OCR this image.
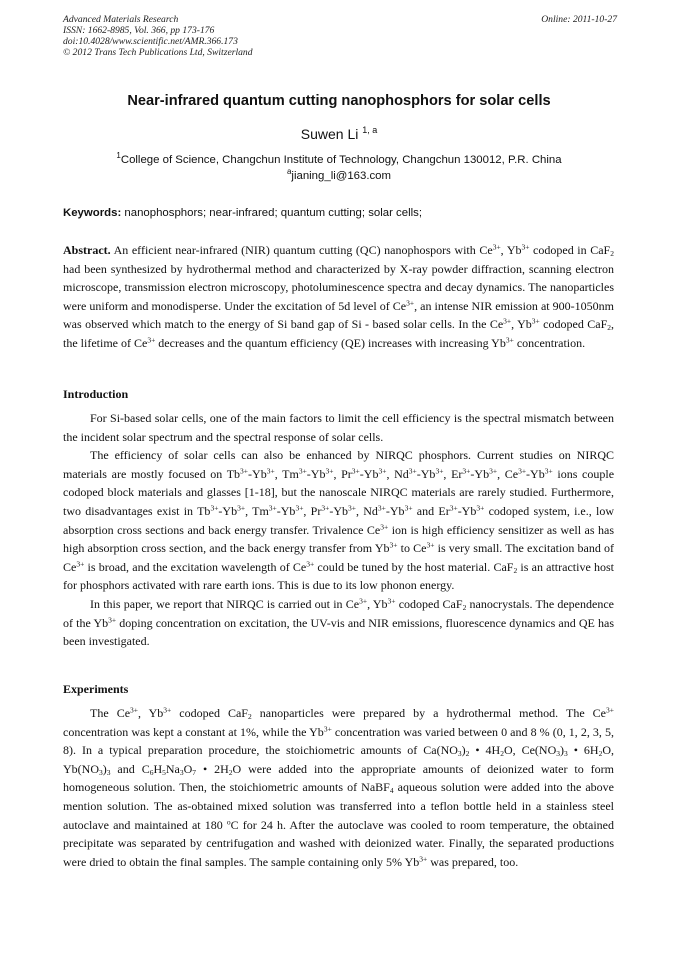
Advanced Materials Research
ISSN: 1662-8985, Vol. 366, pp 173-176
doi:10.4028/www.scientific.net/AMR.366.173
© 2012 Trans Tech Publications Ltd, Switzerland
Online: 2011-10-27
Near-infrared quantum cutting nanophosphors for solar cells
Suwen Li $^{1, a}$
$^1$College of Science, Changchun Institute of Technology, Changchun 130012, P.R. China
$^a$jianing_li@163.com
Keywords: nanophosphors; near-infrared; quantum cutting; solar cells;

Abstract. An efficient near-infrared (NIR) quantum cutting (QC) nanophospors with $Ce^{3+}$, $Yb^{3+}$ codoped in CaF$_2$ had been synthesized by hydrothermal method and characterized by X-ray powder diffraction, scanning electron microscope, transmission electron microscopy, photoluminescence spectra and decay dynamics. The nanoparticles were uniform and monodisperse. Under the excitation of 5d level of $Ce^{3+}$, an intense NIR emission at 900-1050nm was observed which match to the energy of Si band gap of Si - based solar cells. In the $Ce^{3+}$, $Yb^{3+}$ codoped CaF$_2$, the lifetime of $Ce^{3+}$ decreases and the quantum efficiency (QE) increases with increasing $Yb^{3+}$ concentration.

Introduction

For Si-based solar cells, one of the main factors to limit the cell efficiency is the spectral mismatch between the incident solar spectrum and the spectral response of solar cells.

The efficiency of solar cells can also be enhanced by NIRQC phosphors. Current studies on NIRQC materials are mostly focused on $Tb^{3+}-Yb^{3+}$, $Tm^{3+}-Yb^{3+}$, $Pr^{3+}-Yb^{3+}$, $Nd^{3+}-Yb^{3+}$, $Er^{3+}-Yb^{3+}$, $Ce^{3+}-Yb^{3+}$ ions couple codoped block materials and glasses [1-18], but the nanoscale NIRQC materials are rarely studied. Furthermore, two disadvantages exist in $Tb^{3+}-Yb^{3+}$, $Tm^{3+}-Yb^{3+}$, $Pr^{3+}-Yb^{3+}$, $Nd^{3+}-Yb^{3+}$ and $Er^{3+}-Yb^{3+}$ codoped system, i.e., low absorption cross sections and back energy transfer. Trivalence $Ce^{3+}$ ion is high efficiency sensitizer as well as has high absorption cross section, and the back energy transfer from $Yb^{3+}$ to $Ce^{3+}$ is very small. The excitation band of $Ce^{3+}$ is broad, and the excitation wavelength of $Ce^{3+}$ could be tuned by the host material. CaF$_2$ is an attractive host for phosphors activated with rare earth ions. This is due to its low phonon energy.

In this paper, we report that NIRQC is carried out in $Ce^{3+}$, $Yb^{3+}$ codoped CaF$_2$ nanocrystals. The dependence of the $Yb^{3+}$ doping concentration on excitation, the UV-vis and NIR emissions, fluorescence dynamics and QE has been investigated.

Experiments

The $Ce^{3+}$, $Yb^{3+}$ codoped CaF$_2$ nanoparticles were prepared by a hydrothermal method. The $Ce^{3+}$ concentration was kept a constant at 1%, while the $Yb^{3+}$ concentration was varied between 0 and 8 % (0, 1, 2, 3, 5, 8). In a typical preparation procedure, the stoichiometric amounts of $Ca(NO_3)_2$ • $4H_2O$, $Ce(NO_3)_3$ • $6H_2O$, $Yb(NO_3)_3$ and $C_6H_5Na_3O_7$ • $2H_2O$ were added into the appropriate amounts of deionized water to form homogeneous solution. Then, the stoichiometric amounts of NaBF$_4$ aqueous solution were added into the above mention solution. The as-obtained mixed solution was transferred into a teflon bottle held in a stainless steel autoclave and maintained at 180 $^o$C for 24 h. After the autoclave was cooled to room temperature, the obtained precipitate was separated by centrifugation and washed with deionized water. Finally, the separated productions were dried to obtain the final samples. The sample containing only 5% $Yb^{3+}$ was prepared, too.
